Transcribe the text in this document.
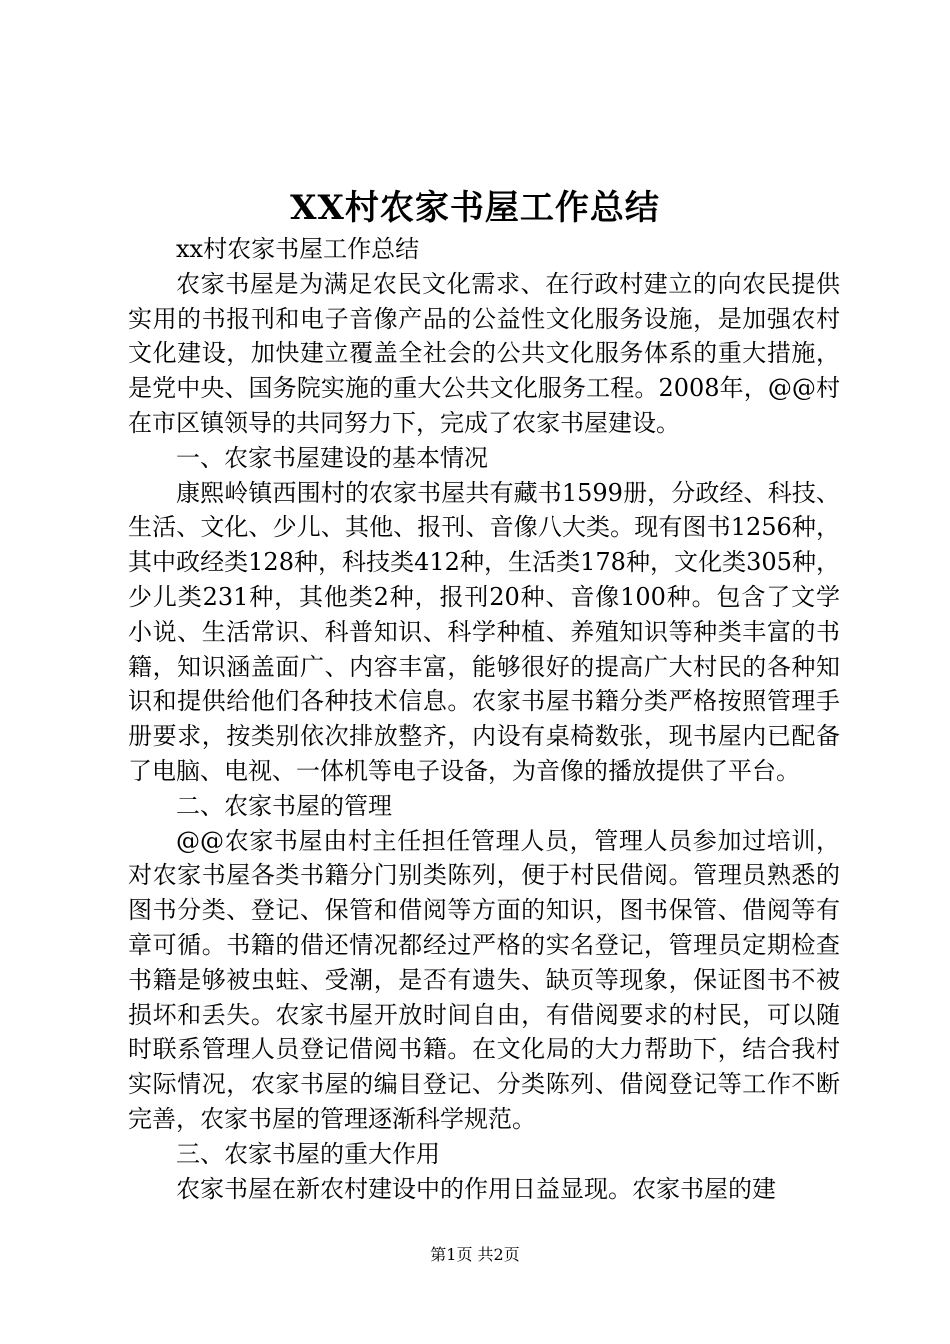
XX村农家书屋工作总结

xx村农家书屋工作总结

农家书屋是为满足农民文化需求、在行政村建立的向农民提供实用的书报刊和电子音像产品的公益性文化服务设施，是加强农村文化建设，加快建立覆盖全社会的公共文化服务体系的重大措施，是党中央、国务院实施的重大公共文化服务工程。2008年，@@村在市区镇领导的共同努力下，完成了农家书屋建设。

一、农家书屋建设的基本情况

康熙岭镇西围村的农家书屋共有藏书1599册，分政经、科技、生活、文化、少儿、其他、报刊、音像八大类。现有图书1256种，其中政经类128种，科技类412种，生活类178种，文化类305种，少儿类231种，其他类2种，报刊20种、音像100种。包含了文学小说、生活常识、科普知识、科学种植、养殖知识等种类丰富的书籍，知识涵盖面广、内容丰富，能够很好的提高广大村民的各种知识和提供给他们各种技术信息。农家书屋书籍分类严格按照管理手册要求，按类别依次排放整齐，内设有桌椅数张，现书屋内已配备了电脑、电视、一体机等电子设备，为音像的播放提供了平台。

二、农家书屋的管理

@@农家书屋由村主任担任管理人员，管理人员参加过培训，对农家书屋各类书籍分门别类陈列，便于村民借阅。管理员熟悉的图书分类、登记、保管和借阅等方面的知识，图书保管、借阅等有章可循。书籍的借还情况都经过严格的实名登记，管理员定期检查书籍是够被虫蛀、受潮，是否有遗失、缺页等现象，保证图书不被损坏和丢失。农家书屋开放时间自由，有借阅要求的村民，可以随时联系管理人员登记借阅书籍。在文化局的大力帮助下，结合我村实际情况，农家书屋的编目登记、分类陈列、借阅登记等工作不断完善，农家书屋的管理逐渐科学规范。

三、农家书屋的重大作用

农家书屋在新农村建设中的作用日益显现。农家书屋的建

第1页 共2页
